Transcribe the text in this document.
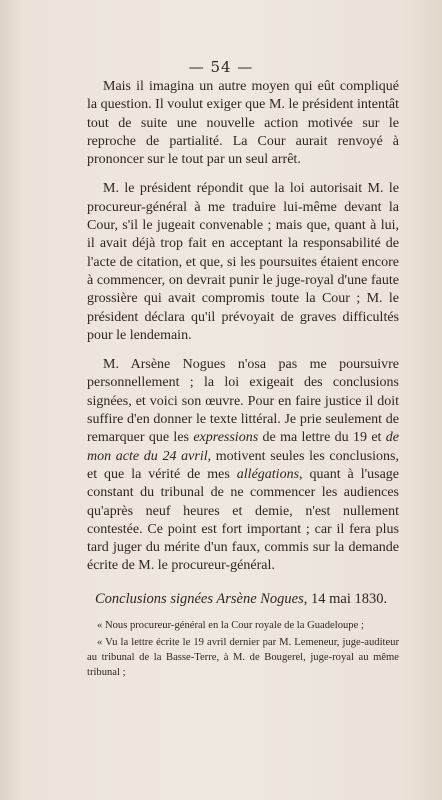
— 54 —

Mais il imagina un autre moyen qui eût compliqué la question. Il voulut exiger que M. le président intentât tout de suite une nouvelle action motivée sur le reproche de partialité. La Cour aurait renvoyé à prononcer sur le tout par un seul arrêt.

M. le président répondit que la loi autorisait M. le procureur-général à me traduire lui-même devant la Cour, s'il le jugeait convenable ; mais que, quant à lui, il avait déjà trop fait en acceptant la responsabilité de l'acte de citation, et que, si les poursuites étaient encore à commencer, on devrait punir le juge-royal d'une faute grossière qui avait compromis toute la Cour ; M. le président déclara qu'il prévoyait de graves difficultés pour le lendemain.

M. Arsène Nogues n'osa pas me poursuivre personnellement ; la loi exigeait des conclusions signées, et voici son œuvre. Pour en faire justice il doit suffire d'en donner le texte littéral. Je prie seulement de remarquer que les expressions de ma lettre du 19 et de mon acte du 24 avril, motivent seules les conclusions, et que la vérité de mes allégations, quant à l'usage constant du tribunal de ne commencer les audiences qu'après neuf heures et demie, n'est nullement contestée. Ce point est fort important ; car il fera plus tard juger du mérite d'un faux, commis sur la demande écrite de M. le procureur-général.

Conclusions signées Arsène Nogues, 14 mai 1830.

« Nous procureur-général en la Cour royale de la Guadeloupe ;

« Vu la lettre écrite le 19 avril dernier par M. Lemeneur, juge-auditeur au tribunal de la Basse-Terre, à M. de Bougerel, juge-royal au même tribunal ;
